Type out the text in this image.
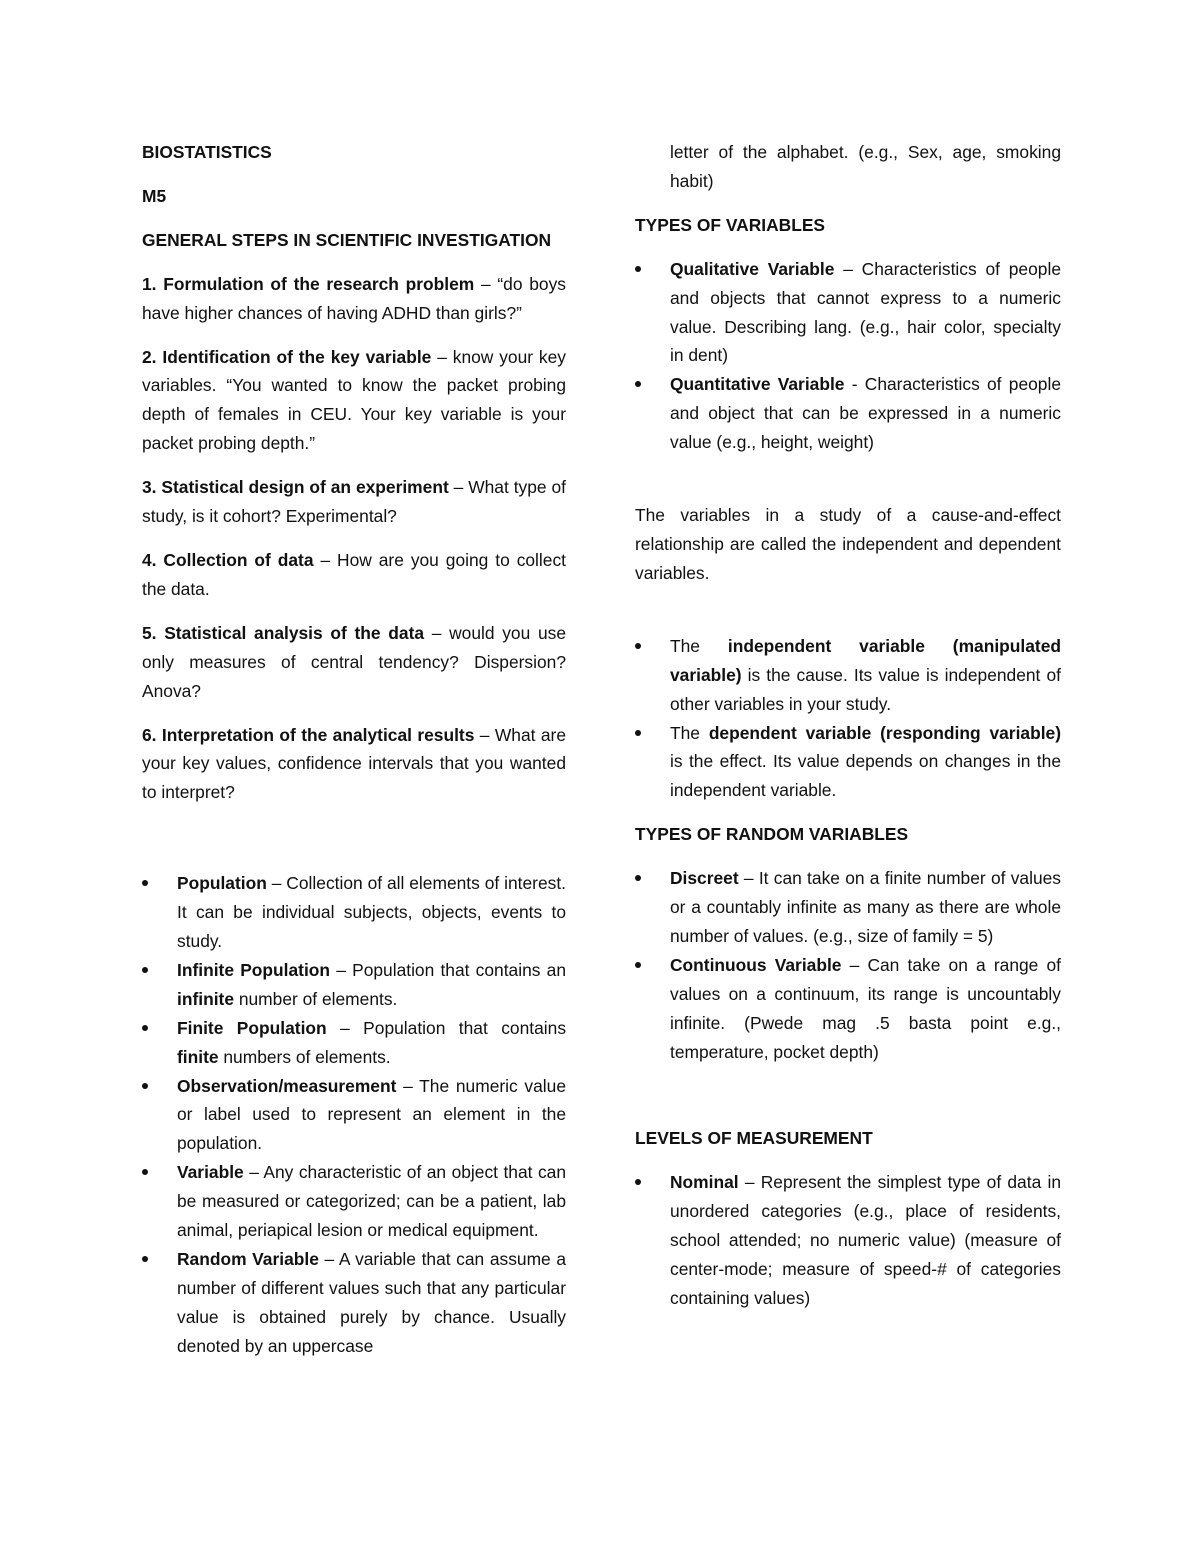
BIOSTATISTICS

M5

GENERAL STEPS IN SCIENTIFIC INVESTIGATION

1. Formulation of the research problem – “do boys have higher chances of having ADHD than girls?”

2. Identification of the key variable – know your key variables. “You wanted to know the packet probing depth of females in CEU. Your key variable is your packet probing depth.”

3. Statistical design of an experiment – What type of study, is it cohort? Experimental?

4. Collection of data – How are you going to collect the data.

5. Statistical analysis of the data – would you use only measures of central tendency? Dispersion? Anova?

6. Interpretation of the analytical results – What are your key values, confidence intervals that you wanted to interpret?

Population – Collection of all elements of interest. It can be individual subjects, objects, events to study.
Infinite Population – Population that contains an infinite number of elements.
Finite Population – Population that contains finite numbers of elements.
Observation/measurement – The numeric value or label used to represent an element in the population.
Variable – Any characteristic of an object that can be measured or categorized; can be a patient, lab animal, periapical lesion or medical equipment.
Random Variable – A variable that can assume a number of different values such that any particular value is obtained purely by chance. Usually denoted by an uppercase

letter of the alphabet. (e.g., Sex, age, smoking habit)

TYPES OF VARIABLES

Qualitative Variable – Characteristics of people and objects that cannot express to a numeric value. Describing lang. (e.g., hair color, specialty in dent)
Quantitative Variable - Characteristics of people and object that can be expressed in a numeric value (e.g., height, weight)

The variables in a study of a cause-and-effect relationship are called the independent and dependent variables.

The independent variable (manipulated variable) is the cause. Its value is independent of other variables in your study.
The dependent variable (responding variable) is the effect. Its value depends on changes in the independent variable.

TYPES OF RANDOM VARIABLES

Discreet – It can take on a finite number of values or a countably infinite as many as there are whole number of values. (e.g., size of family = 5)
Continuous Variable – Can take on a range of values on a continuum, its range is uncountably infinite. (Pwede mag .5 basta point e.g., temperature, pocket depth)

LEVELS OF MEASUREMENT

Nominal – Represent the simplest type of data in unordered categories (e.g., place of residents, school attended; no numeric value) (measure of center-mode; measure of speed-# of categories containing values)
